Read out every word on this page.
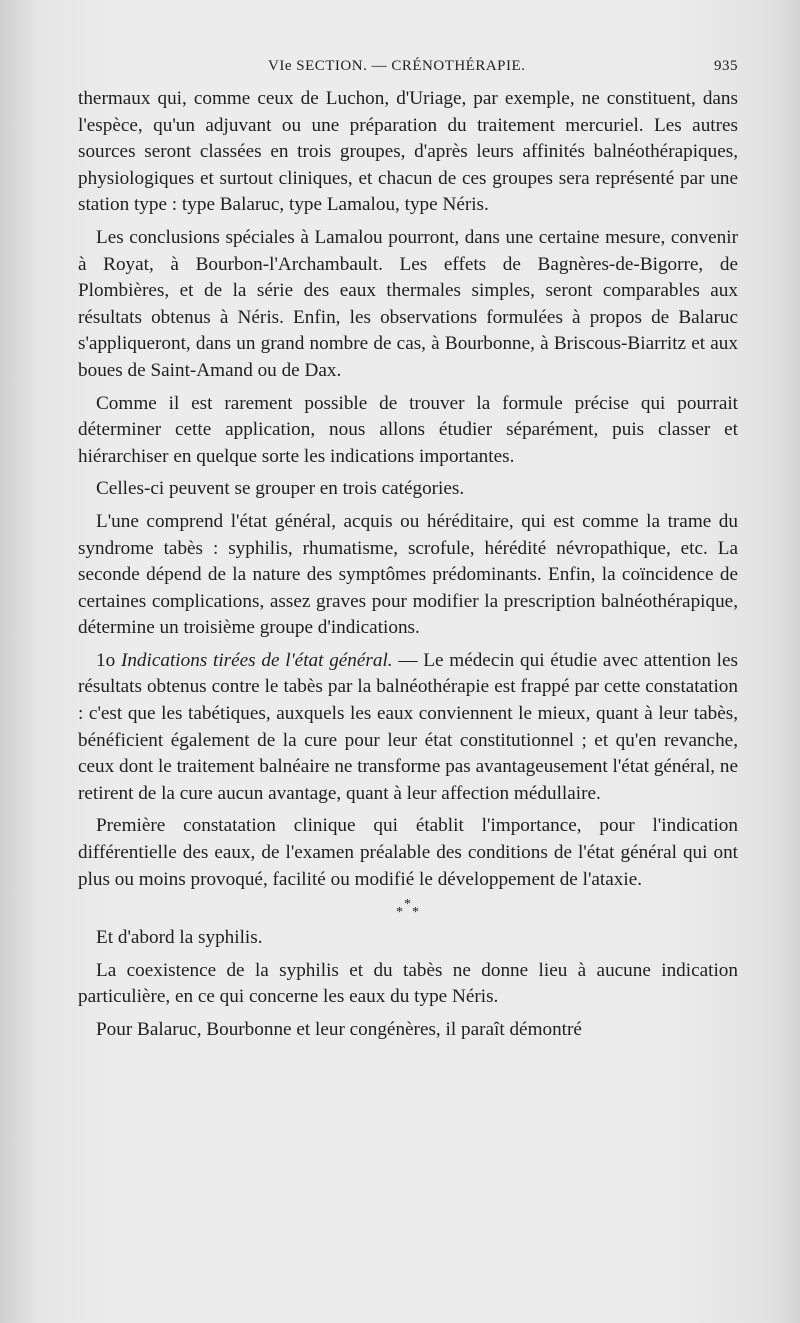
VIe SECTION. — CRÉNOTHÉRAPIE.	935

thermaux qui, comme ceux de Luchon, d'Uriage, par exemple, ne constituent, dans l'espèce, qu'un adjuvant ou une préparation du traitement mercuriel. Les autres sources seront classées en trois groupes, d'après leurs affinités balnéothérapiques, physiologiques et surtout cliniques, et chacun de ces groupes sera représenté par une station type : type Balaruc, type Lamalou, type Néris.

Les conclusions spéciales à Lamalou pourront, dans une certaine mesure, convenir à Royat, à Bourbon-l'Archambault. Les effets de Bagnères-de-Bigorre, de Plombières, et de la série des eaux thermales simples, seront comparables aux résultats obtenus à Néris. Enfin, les observations formulées à propos de Balaruc s'appliqueront, dans un grand nombre de cas, à Bourbonne, à Briscous-Biarritz et aux boues de Saint-Amand ou de Dax.

Comme il est rarement possible de trouver la formule précise qui pourrait déterminer cette application, nous allons étudier séparément, puis classer et hiérarchiser en quelque sorte les indications importantes.

Celles-ci peuvent se grouper en trois catégories.

L'une comprend l'état général, acquis ou héréditaire, qui est comme la trame du syndrome tabès : syphilis, rhumatisme, scrofule, hérédité névropathique, etc. La seconde dépend de la nature des symptômes prédominants. Enfin, la coïncidence de certaines complications, assez graves pour modifier la prescription balnéothérapique, détermine un troisième groupe d'indications.

1o Indications tirées de l'état général. — Le médecin qui étudie avec attention les résultats obtenus contre le tabès par la balnéothérapie est frappé par cette constatation : c'est que les tabétiques, auxquels les eaux conviennent le mieux, quant à leur tabès, bénéficient également de la cure pour leur état constitutionnel ; et qu'en revanche, ceux dont le traitement balnéaire ne transforme pas avantageusement l'état général, ne retirent de la cure aucun avantage, quant à leur affection médullaire.

Première constatation clinique qui établit l'importance, pour l'indication différentielle des eaux, de l'examen préalable des conditions de l'état général qui ont plus ou moins provoqué, facilité ou modifié le développement de l'ataxie.

*
* *

Et d'abord la syphilis.

La coexistence de la syphilis et du tabès ne donne lieu à aucune indication particulière, en ce qui concerne les eaux du type Néris.

Pour Balaruc, Bourbonne et leur congénères, il paraît démontré
